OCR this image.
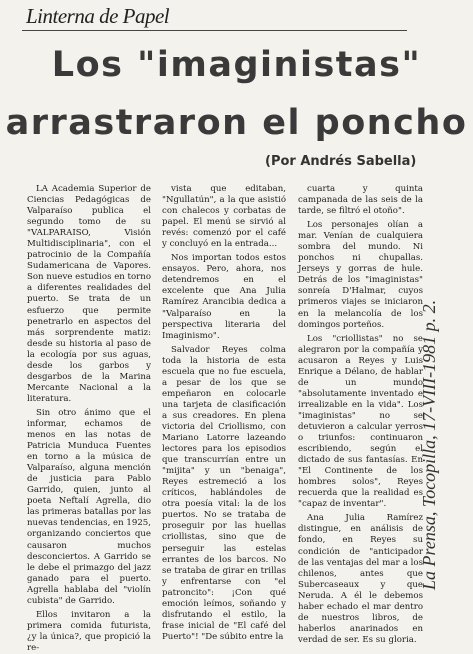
Linterna de Papel
Los "imaginistas"
arrastraron el poncho
(Por Andrés Sabella)

LA Academia Superior de Ciencias Pedagógicas de Valparaíso publica el segundo tomo de su "VALPARAISO, Visión Multidisciplinaria", con el patrocinio de la Compañía Sudamericana de Vapores. Son nueve estudios en torno a diferentes realidades del puerto. Se trata de un esfuerzo que permite penetrarlo en aspectos del más sorprendente matiz: desde su historia al paso de la ecología por sus aguas, desde los garbos y desgarbos de la Marina Mercante Nacional a la literatura.

Sin otro ánimo que el informar, echamos de menos en las notas de Patricia Munduca Fuentes en torno a la música de Valparaíso, alguna mención de justicia para Pablo Garrido, quien, junto al poeta Neftalí Agrella, dio las primeras batallas por las nuevas tendencias, en 1925, organizando conciertos que causaron muchos desconciertos. A Garrido se le debe el primazgo del jazz ganado para el puerto. Agrella hablaba del "violín cubista" de Garrido.

Ellos invitaron a la primera comida futurista, ¿y la única?, que propició la re-

vista que editaban, "Ngullatún", a la que asistió con chalecos y corbatas de papel. El menú se sirvió al revés: comenzó por el café y concluyó en la entrada...

Nos importan todos estos ensayos. Pero, ahora, nos detendremos en el excelente que Ana Julia Ramírez Arancibia dedica a "Valparaíso en la perspectiva literaria del Imaginismo".

Salvador Reyes colma toda la historia de esta escuela que no fue escuela, a pesar de los que se empeñaron en colocarle una tarjeta de clasificación a sus creadores. En plena victoria del Criollismo, con Mariano Latorre lazeando lectores para los episodios que transcurrían entre un "mijita" y un "benaiga", Reyes estremeció a los críticos, hablándoles de otra poesía vital: la de los puertos. No se trataba de proseguir por las huellas criollistas, sino que de perseguir las estelas errantes de los barcos. No se trataba de girar en trillas y enfrentarse con "el patroncito": ¡Con qué emoción leímos, soñando y disfrutando el estilo, la frase inicial de "El café del Puerto"! "De súbito entre la

cuarta y quinta campanada de las seis de la tarde, se filtró el otoño".

Los personajes olían a mar. Venían de cualquiera sombra del mundo. Ni ponchos ni chupallas. Jerseys y gorras de hule. Detrás de los "imaginistas" sonreía D'Halmar, cuyos primeros viajes se iniciaron en la melancolía de los domingos porteños.

Los "criollistas" no se alegraron por la compañía y acusaron a Reyes y Luis Enrique a Délano, de hablar de un mundo "absolutamente inventado e irrealizable en la vida". Los "imaginistas" no se detuvieron a calcular yerros o triunfos: continuaron escribiendo, según el dictado de sus fantasías. En "El Continente de los hombres solos", Reyes recuerda que la realidad es "capaz de inventar".

Ana Julia Ramírez distingue, en análisis de fondo, en Reyes su condición de "anticipador de las ventajas del mar a los chilenos, antes que Subercaseaux y que Neruda. A él le debemos haber echado el mar dentro de nuestros libros, de haberlos anarinados en verdad de ser. Es su gloria.

La Prensa, Tocopilla, 17-VIII-1981 p. 2.
